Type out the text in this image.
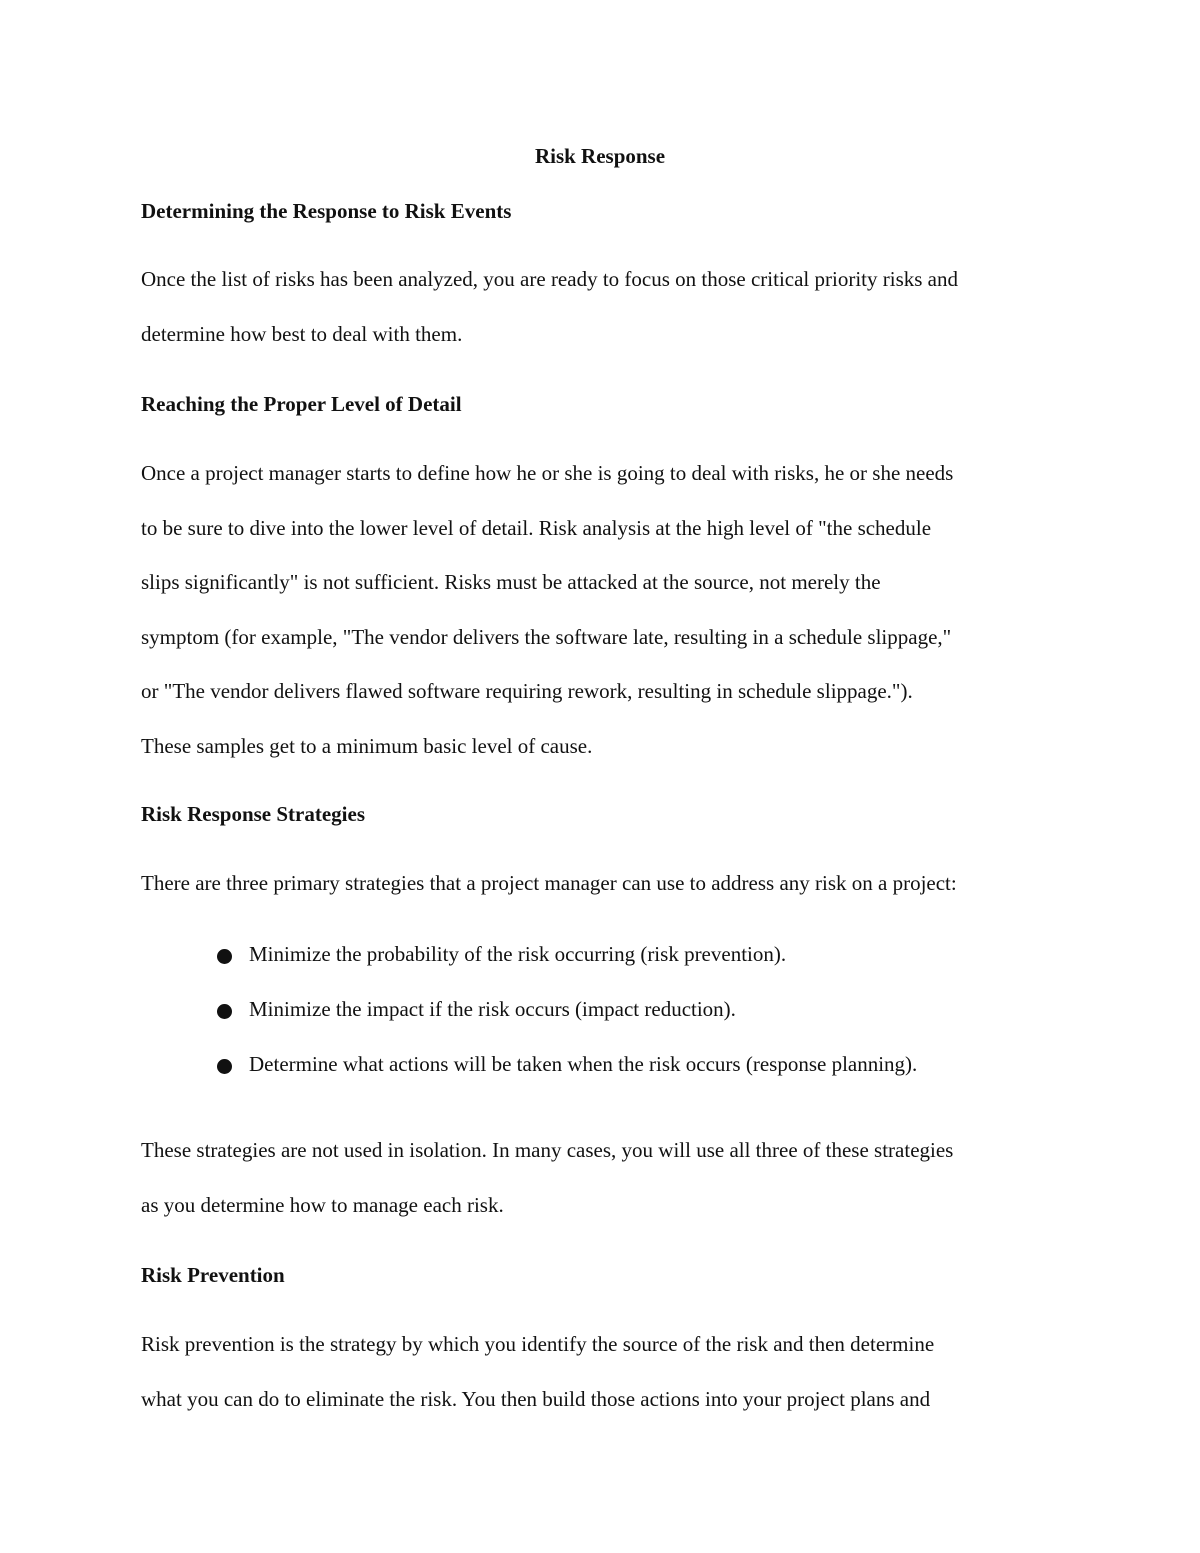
Risk Response
Determining the Response to Risk Events
Once the list of risks has been analyzed, you are ready to focus on those critical priority risks and
determine how best to deal with them.
Reaching the Proper Level of Detail
Once a project manager starts to define how he or she is going to deal with risks, he or she needs
to be sure to dive into the lower level of detail. Risk analysis at the high level of "the schedule
slips significantly" is not sufficient. Risks must be attacked at the source, not merely the
symptom (for example, "The vendor delivers the software late, resulting in a schedule slippage,"
or "The vendor delivers flawed software requiring rework, resulting in schedule slippage.").
These samples get to a minimum basic level of cause.
Risk Response Strategies
There are three primary strategies that a project manager can use to address any risk on a project:
Minimize the probability of the risk occurring (risk prevention).
Minimize the impact if the risk occurs (impact reduction).
Determine what actions will be taken when the risk occurs (response planning).
These strategies are not used in isolation. In many cases, you will use all three of these strategies
as you determine how to manage each risk.
Risk Prevention
Risk prevention is the strategy by which you identify the source of the risk and then determine
what you can do to eliminate the risk. You then build those actions into your project plans and
